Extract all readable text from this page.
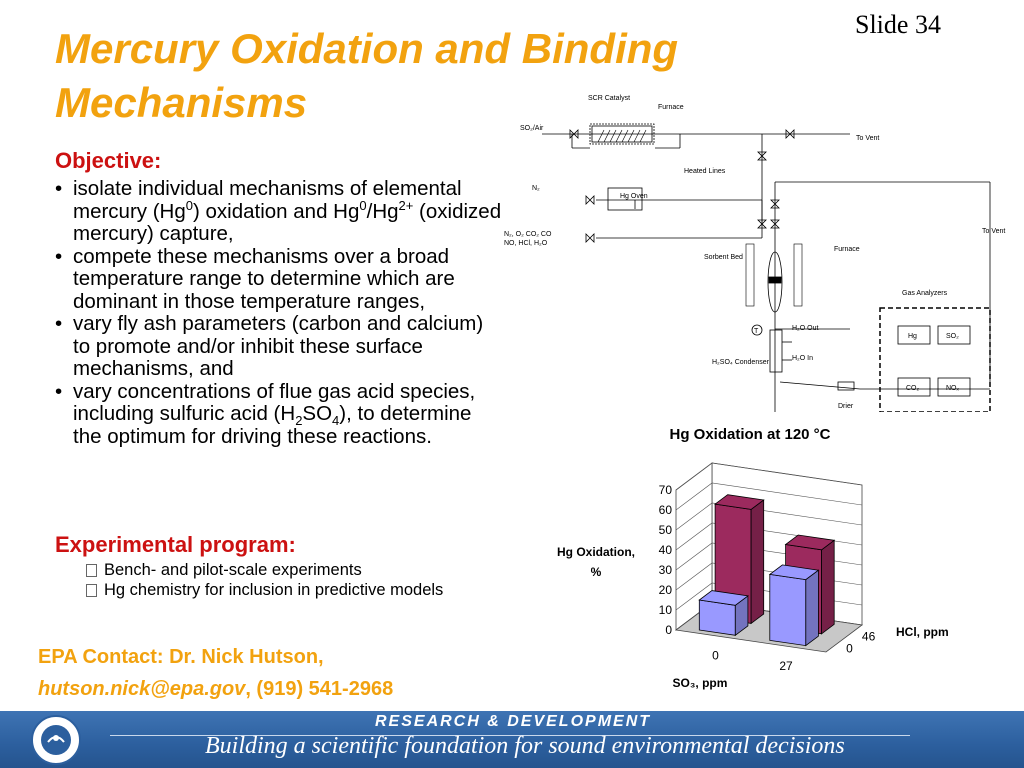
Slide 34
Mercury Oxidation and Binding
Mechanisms
Objective:
• isolate individual mechanisms of elemental mercury (Hg$^0$) oxidation and $Hg^0/Hg^{2+}$ (oxidized mercury) capture,
• compete these mechanisms over a broad temperature range to determine which are dominant in those temperature ranges,
• vary fly ash parameters (carbon and calcium) to promote and/or inhibit these surface mechanisms, and
• vary concentrations of flue gas acid species, including sulfuric acid $(H_2SO_4)$, to determine the optimum for driving these reactions.
Experimental program:
Bench- and pilot-scale experiments
Hg chemistry for inclusion in predictive models
EPA Contact: Dr. Nick Hutson,
hutson.nick@epa.gov, (919) 541-2968
SCR Catalyst
Furnace
SO₂/Air
To Vent
Heated Lines
N₂
Hg Oven
N₂, O₂ CO₂ CO
NO, HCl, H₂O
To Vent
Sorbent Bed
Furnace
Gas Analyzers
H₂O Out
H₂O In
H₂SO₄ Condenser
Drier
Hg	SO₂
CO₂	NOₓ
T
Hg Oxidation at 120 °C
0
10
20
30
40
50
60
70
Hg Oxidation,
%
0
27
0
46
SO₃, ppm
HCl, ppm
RESEARCH & DEVELOPMENT
Building a scientific foundation for sound environmental decisions
